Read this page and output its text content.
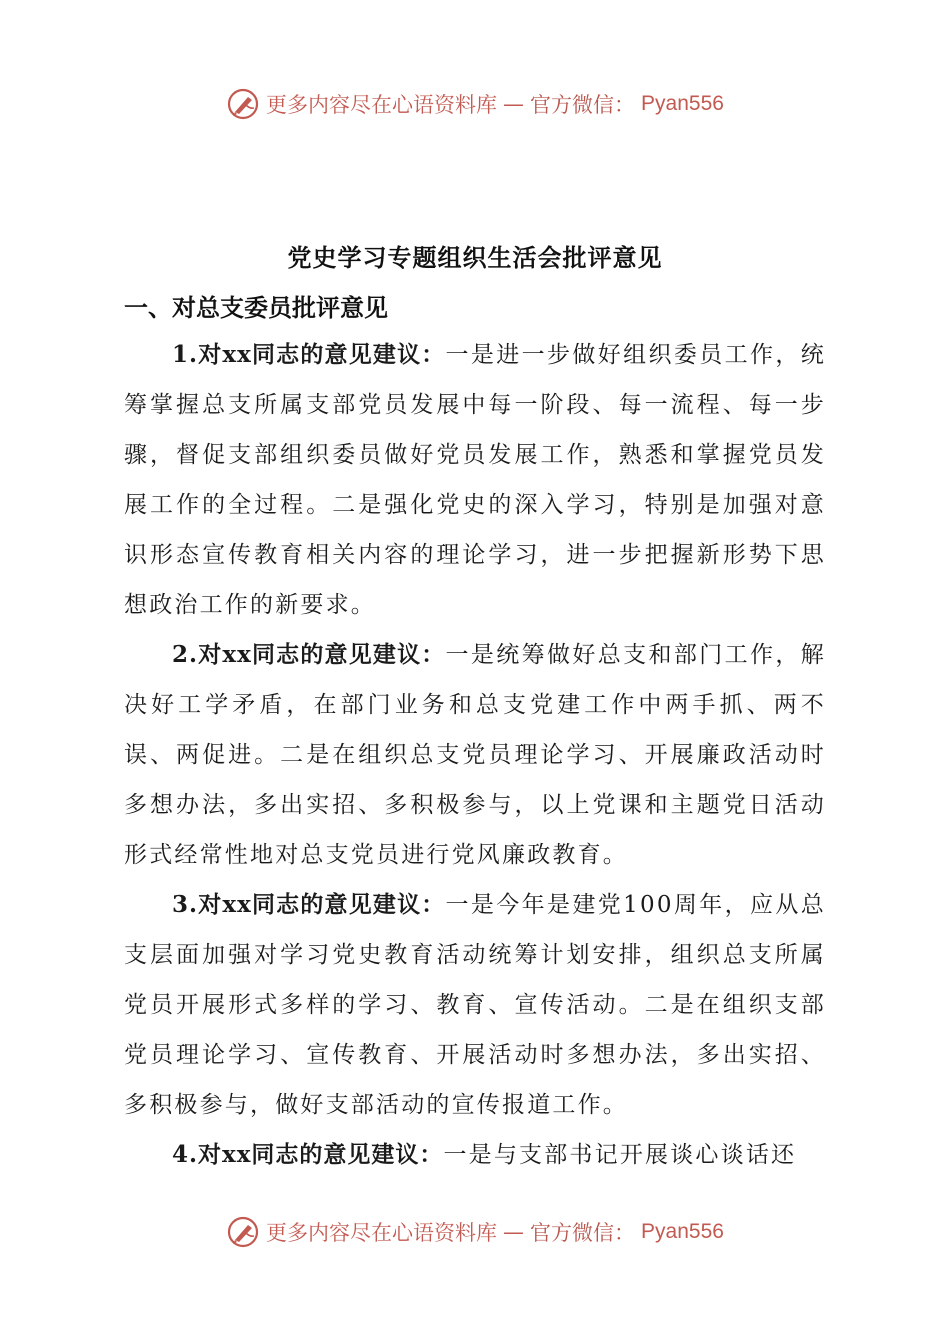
更多内容尽在心语资料库 — 官方微信： Pyan556
党史学习专题组织生活会批评意见
一、对总支委员批评意见

1.对xx同志的意见建议：一是进一步做好组织委员工作，统筹掌握总支所属支部党员发展中每一阶段、每一流程、每一步骤，督促支部组织委员做好党员发展工作，熟悉和掌握党员发展工作的全过程。二是强化党史的深入学习，特别是加强对意识形态宣传教育相关内容的理论学习，进一步把握新形势下思想政治工作的新要求。

2.对xx同志的意见建议：一是统筹做好总支和部门工作，解决好工学矛盾，在部门业务和总支党建工作中两手抓、两不误、两促进。二是在组织总支党员理论学习、开展廉政活动时多想办法，多出实招、多积极参与，以上党课和主题党日活动形式经常性地对总支党员进行党风廉政教育。

3.对xx同志的意见建议：一是今年是建党100周年，应从总支层面加强对学习党史教育活动统筹计划安排，组织总支所属党员开展形式多样的学习、教育、宣传活动。二是在组织支部党员理论学习、宣传教育、开展活动时多想办法，多出实招、多积极参与，做好支部活动的宣传报道工作。

4.对xx同志的意见建议：一是与支部书记开展谈心谈话还

更多内容尽在心语资料库 — 官方微信： Pyan556
